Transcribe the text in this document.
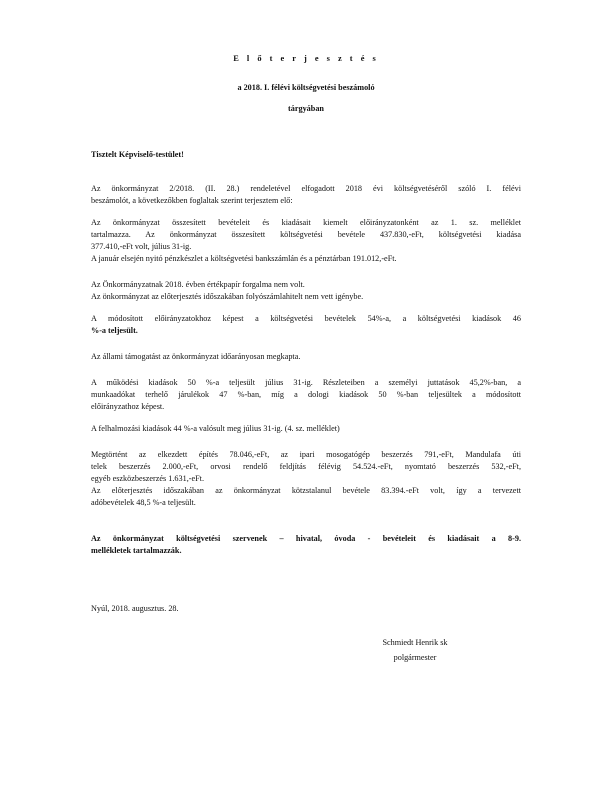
E l ő t e r j e s z t é s
a 2018. I. félévi költségvetési beszámoló
tárgyában
Tisztelt Képviselő-testület!
Az önkormányzat 2/2018. (II. 28.) rendeletével elfogadott 2018 évi költségvetéséről szóló I. félévi
beszámolót, a következőkben foglaltak szerint terjesztem elő:
Az önkormányzat összesített bevételeit és kiadásait kiemelt előirányzatonként az 1. sz. melléklet
tartalmazza. Az önkormányzat összesített költségvetési bevétele 437.830,-eFt, költségvetési kiadása
377.410,-eFt volt, július 31-ig.
A január elsején nyitó pénzkészlet a költségvetési bankszámlán és a pénztárban 191.012,-eFt.
Az Önkormányzatnak 2018. évben értékpapír forgalma nem volt.
Az önkormányzat az előterjesztés időszakában folyószámlahitelt nem vett igénybe.
A módosított előirányzatokhoz képest a költségvetési bevételek 54%-a, a költségvetési kiadások 46
%-a teljesült.
Az állami támogatást az önkormányzat időarányosan megkapta.
A működési kiadások 50 %-a teljesült július 31-ig. Részleteiben a személyi juttatások 45,2%-ban, a
munkaadókat terhelő járulékok 47 %-ban, míg a dologi kiadások 50 %-ban teljesültek a módosított
előirányzathoz képest.
A felhalmozási kiadások 44 %-a valósult meg július 31-ig. (4. sz. melléklet)
Megtörtént az elkezdett építés 78.046,-eFt, az ipari mosogatógép beszerzés 791,-eFt, Mandulafa úti
telek beszerzés 2.000,-eFt, orvosi rendelő feldjítás félévig 54.524.-eFt, nyomtató beszerzés 532,-eFt,
egyéb eszközbeszerzés 1.631,-eFt.
Az előterjesztés időszakában az önkormányzat kötzstalanul bevétele 83.394.-eFt volt, így a tervezett
adóbevételek 48,5 %-a teljesült.
Az önkormányzat költségvetési szervenek – hivatal, óvoda - bevételeit és kiadásait a 8-9.
mellékletek tartalmazzák.
Nyúl, 2018. augusztus. 28.
Schmiedt Henrik sk
polgármester
